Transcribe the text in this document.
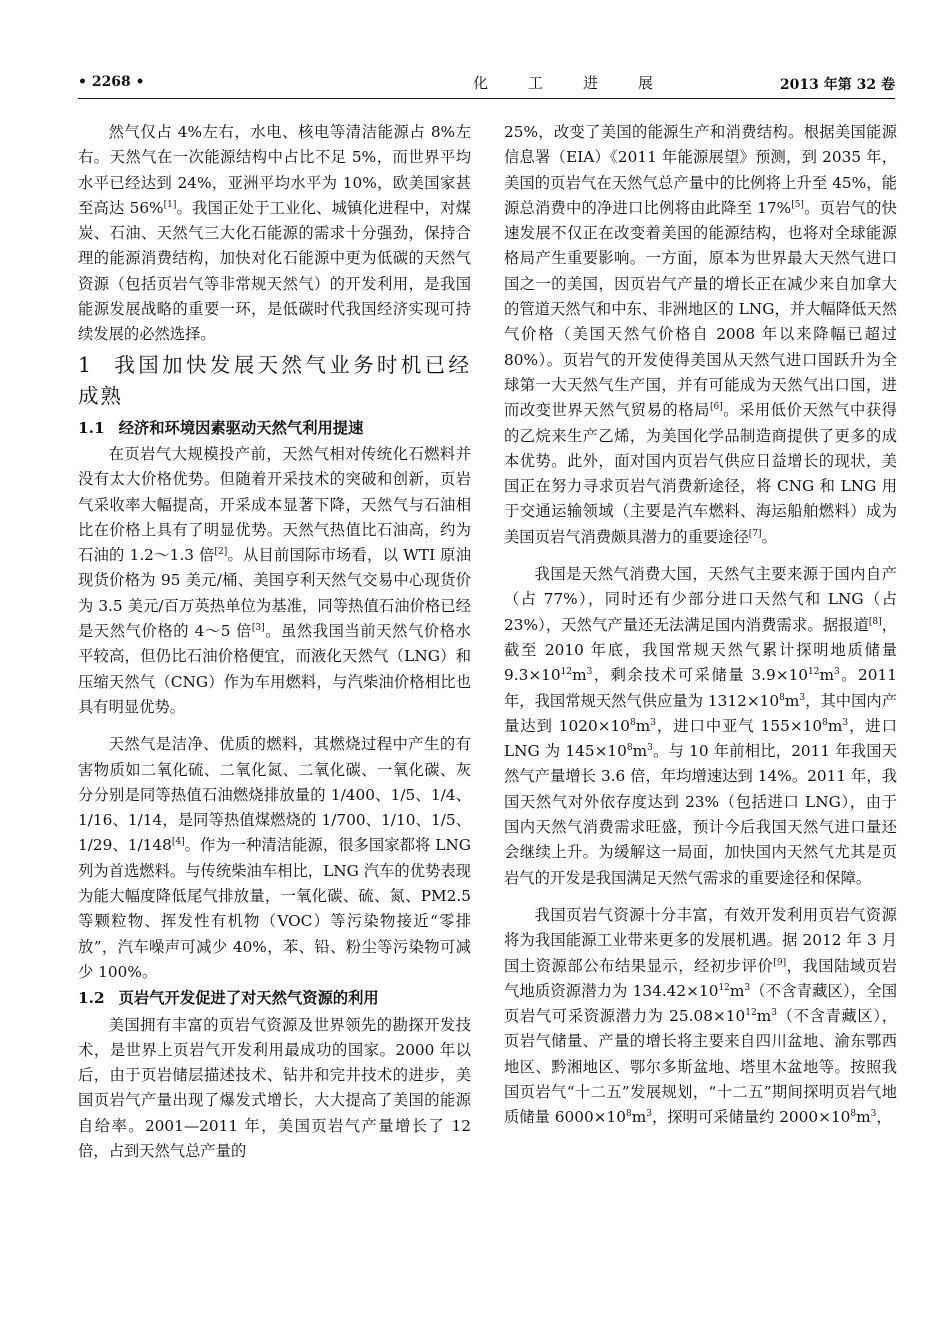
• 2268 •	化工进展	2013 年第 32 卷

然气仅占 4%左右，水电、核电等清洁能源占 8%左右。天然气在一次能源结构中占比不足 5%，而世界平均水平已经达到 24%，亚洲平均水平为 10%，欧美国家甚至高达 56%[1]。我国正处于工业化、城镇化进程中，对煤炭、石油、天然气三大化石能源的需求十分强劲，保持合理的能源消费结构，加快对化石能源中更为低碳的天然气资源（包括页岩气等非常规天然气）的开发利用，是我国能源发展战略的重要一环，是低碳时代我国经济实现可持续发展的必然选择。

1 我国加快发展天然气业务时机已经成熟
1.1 经济和环境因素驱动天然气利用提速

在页岩气大规模投产前，天然气相对传统化石燃料并没有太大价格优势。但随着开采技术的突破和创新，页岩气采收率大幅提高，开采成本显著下降，天然气与石油相比在价格上具有了明显优势。天然气热值比石油高，约为石油的 1.2～1.3 倍[2]。从目前国际市场看，以 WTI 原油现货价格为 95 美元/桶、美国亨利天然气交易中心现货价为 3.5 美元/百万英热单位为基准，同等热值石油价格已经是天然气价格的 4～5 倍[3]。虽然我国当前天然气价格水平较高，但仍比石油价格便宜，而液化天然气（LNG）和压缩天然气（CNG）作为车用燃料，与汽柴油价格相比也具有明显优势。

天然气是洁净、优质的燃料，其燃烧过程中产生的有害物质如二氧化硫、二氧化氮、二氧化碳、一氧化碳、灰分分别是同等热值石油燃烧排放量的 1/400、1/5、1/4、1/16、1/14，是同等热值煤燃烧的 1/700、1/10、1/5、1/29、1/148[4]。作为一种清洁能源，很多国家都将 LNG 列为首选燃料。与传统柴油车相比，LNG 汽车的优势表现为能大幅度降低尾气排放量，一氧化碳、硫、氮、PM2.5 等颗粒物、挥发性有机物（VOC）等污染物接近“零排放”，汽车噪声可减少 40%，苯、铅、粉尘等污染物可减少 100%。

1.2 页岩气开发促进了对天然气资源的利用

美国拥有丰富的页岩气资源及世界领先的勘探开发技术，是世界上页岩气开发利用最成功的国家。2000 年以后，由于页岩储层描述技术、钻井和完井技术的进步，美国页岩气产量出现了爆发式增长，大大提高了美国的能源自给率。2001—2011 年，美国页岩气产量增长了 12 倍，占到天然气总产量的

25%，改变了美国的能源生产和消费结构。根据美国能源信息署（EIA）《2011 年能源展望》预测，到 2035 年，美国的页岩气在天然气总产量中的比例将上升至 45%，能源总消费中的净进口比例将由此降至 17%[5]。页岩气的快速发展不仅正在改变着美国的能源结构，也将对全球能源格局产生重要影响。一方面，原本为世界最大天然气进口国之一的美国，因页岩气产量的增长正在减少来自加拿大的管道天然气和中东、非洲地区的 LNG，并大幅降低天然气价格（美国天然气价格自 2008 年以来降幅已超过 80%）。页岩气的开发使得美国从天然气进口国跃升为全球第一大天然气生产国，并有可能成为天然气出口国，进而改变世界天然气贸易的格局[6]。采用低价天然气中获得的乙烷来生产乙烯，为美国化学品制造商提供了更多的成本优势。此外，面对国内页岩气供应日益增长的现状，美国正在努力寻求页岩气消费新途径，将 CNG 和 LNG 用于交通运输领域（主要是汽车燃料、海运船舶燃料）成为美国页岩气消费颇具潜力的重要途径[7]。

我国是天然气消费大国，天然气主要来源于国内自产（占 77%），同时还有少部分进口天然气和 LNG（占 23%），天然气产量还无法满足国内消费需求。据报道[8]，截至 2010 年底，我国常规天然气累计探明地质储量 $9.3\times 10^{12}m^3$，剩余技术可采储量 $3.9\times 10^{12}m^3$。2011 年，我国常规天然气供应量为 $1312\times 10^8m^3$，其中国内产量达到 $1020\times 10^8m^3$，进口中亚气 $155\times 10^8m^3$，进口 LNG 为 $145\times 10^8m^3$。与 10 年前相比，2011 年我国天然气产量增长 3.6 倍，年均增速达到 14%。2011 年，我国天然气对外依存度达到 23%（包括进口 LNG），由于国内天然气消费需求旺盛，预计今后我国天然气进口量还会继续上升。为缓解这一局面，加快国内天然气尤其是页岩气的开发是我国满足天然气需求的重要途径和保障。

我国页岩气资源十分丰富，有效开发利用页岩气资源将为我国能源工业带来更多的发展机遇。据 2012 年 3 月国土资源部公布结果显示，经初步评价[9]，我国陆域页岩气地质资源潜力为 $134.42\times 10^{12}m^3$（不含青藏区），全国页岩气可采资源潜力为 $25.08\times 10^{12}m^3$（不含青藏区），页岩气储量、产量的增长将主要来自四川盆地、渝东鄂西地区、黔湘地区、鄂尔多斯盆地、塔里木盆地等。按照我国页岩气“十二五”发展规划，“十二五”期间探明页岩气地质储量 $6000\times 10^8m^3$，探明可采储量约 $2000\times 10^8m^3$，
